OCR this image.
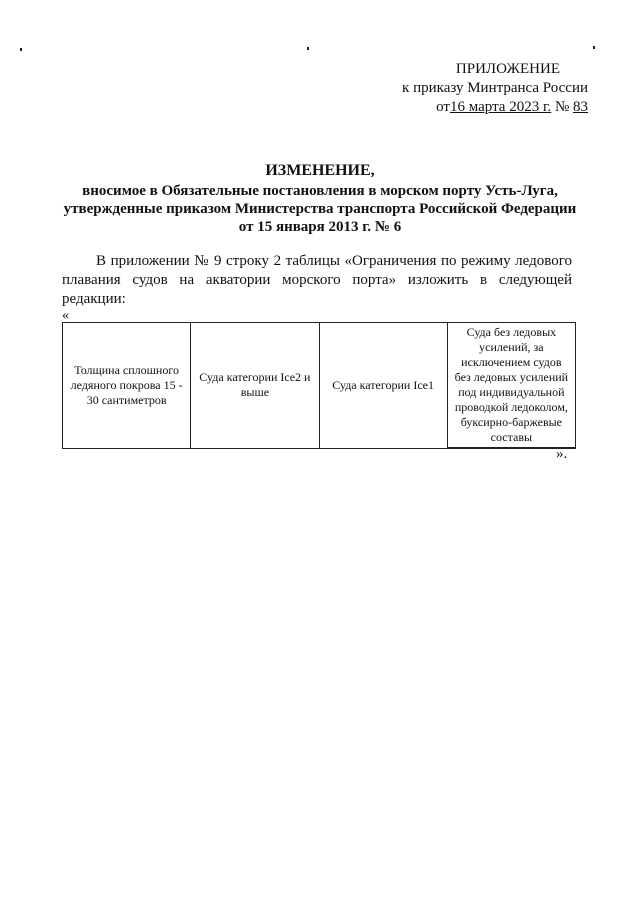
ПРИЛОЖЕНИЕ
к приказу Минтранса России
от16 марта 2023 г. № 83
ИЗМЕНЕНИЕ,
вносимое в Обязательные постановления в морском порту Усть-Луга,
утвержденные приказом Министерства транспорта Российской Федерации
от 15 января 2013 г. № 6
В приложении № 9 строку 2 таблицы «Ограничения по режиму ледового плавания судов на акватории морского порта» изложить в следующей редакции:
«
Толщина сплошного ледяного покрова 15 - 30 сантиметров	Суда категории Ice2 и выше	Суда категории Ice1	Суда без ледовых усилений, за исключением судов без ледовых усилений под индивидуальной проводкой ледоколом, буксирно-баржевые составы
».
